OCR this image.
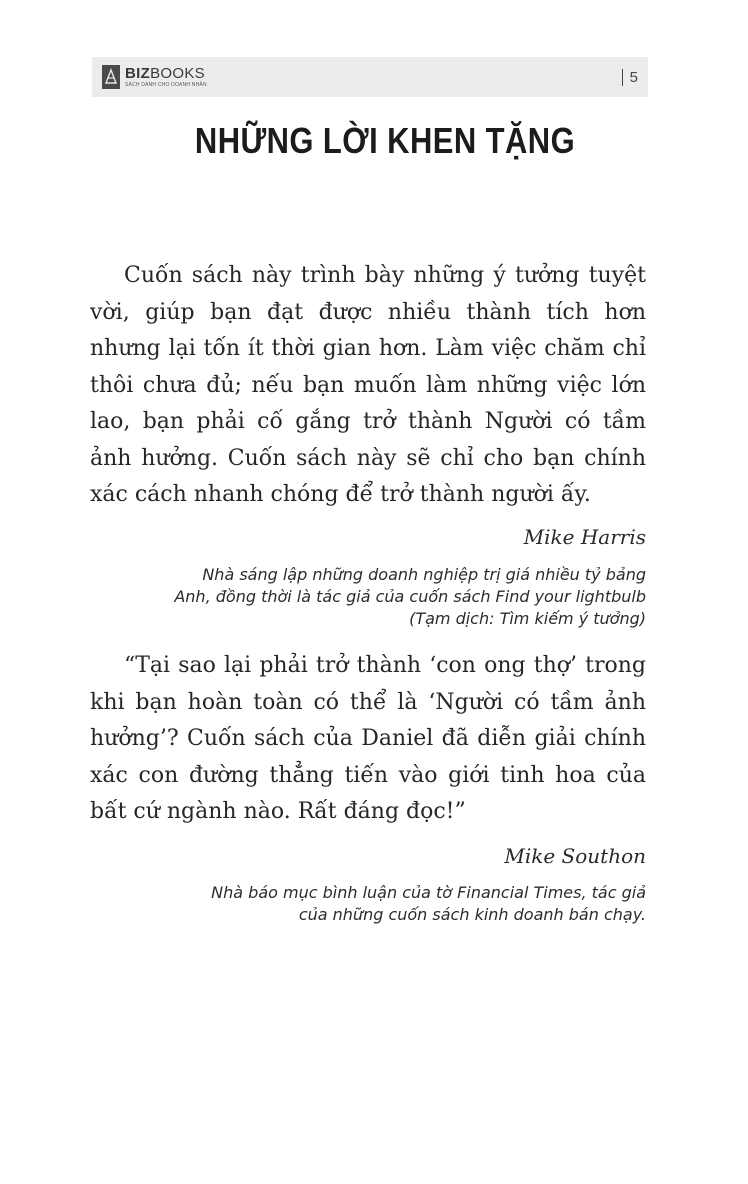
BIZBOOKS
SÁCH DÀNH CHO DOANH NHÂN	5
NHỮNG LỜI KHEN TẶNG
Cuốn sách này trình bày những ý tưởng tuyệt vời, giúp bạn đạt được nhiều thành tích hơn nhưng lại tốn ít thời gian hơn. Làm việc chăm chỉ thôi chưa đủ; nếu bạn muốn làm những việc lớn lao, bạn phải cố gắng trở thành Người có tầm ảnh hưởng. Cuốn sách này sẽ chỉ cho bạn chính xác cách nhanh chóng để trở thành người ấy.
Mike Harris
Nhà sáng lập những doanh nghiệp trị giá nhiều tỷ bảng
Anh, đồng thời là tác giả của cuốn sách Find your lightbulb
(Tạm dịch: Tìm kiếm ý tưởng)
“Tại sao lại phải trở thành ‘con ong thợ’ trong khi bạn hoàn toàn có thể là ‘Người có tầm ảnh hưởng’? Cuốn sách của Daniel đã diễn giải chính xác con đường thẳng tiến vào giới tinh hoa của bất cứ ngành nào. Rất đáng đọc!”
Mike Southon
Nhà báo mục bình luận của tờ Financial Times, tác giả
của những cuốn sách kinh doanh bán chạy.
